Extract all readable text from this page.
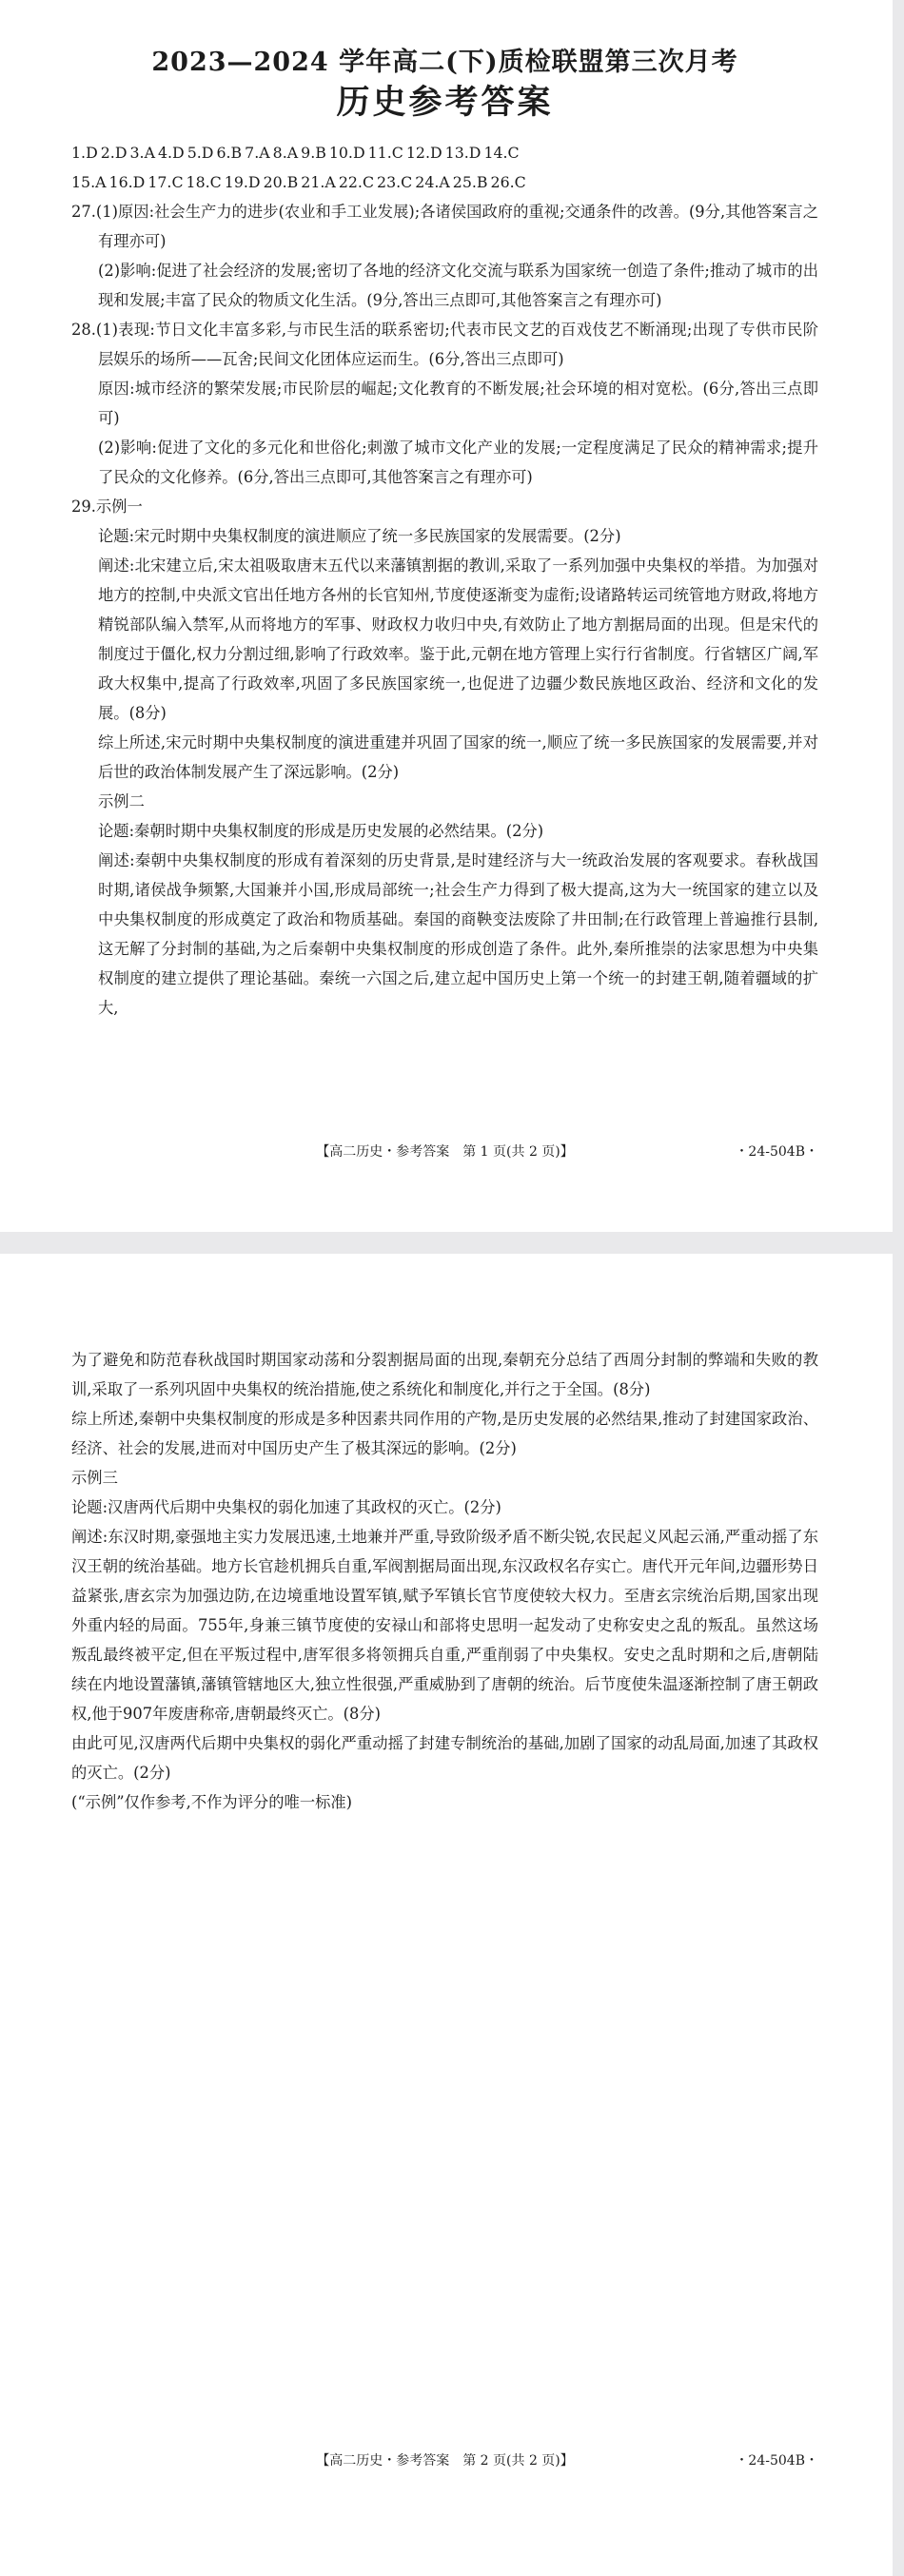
2023—2024 学年高二(下)质检联盟第三次月考
历史参考答案
1.D 2.D 3.A 4.D 5.D 6.B 7.A 8.A 9.B 10.D 11.C 12.D 13.D 14.C
15.A 16.D 17.C 18.C 19.D 20.B 21.A 22.C 23.C 24.A 25.B 26.C

27.(1)原因:社会生产力的进步(农业和手工业发展);各诸侯国政府的重视;交通条件的改善。(9分,其他答案言之有理亦可)

(2)影响:促进了社会经济的发展;密切了各地的经济文化交流与联系为国家统一创造了条件;推动了城市的出现和发展;丰富了民众的物质文化生活。(9分,答出三点即可,其他答案言之有理亦可)

28.(1)表现:节日文化丰富多彩,与市民生活的联系密切;代表市民文艺的百戏伎艺不断涌现;出现了专供市民阶层娱乐的场所——瓦舍;民间文化团体应运而生。(6分,答出三点即可)

原因:城市经济的繁荣发展;市民阶层的崛起;文化教育的不断发展;社会环境的相对宽松。(6分,答出三点即可)

(2)影响:促进了文化的多元化和世俗化;刺激了城市文化产业的发展;一定程度满足了民众的精神需求;提升了民众的文化修养。(6分,答出三点即可,其他答案言之有理亦可)

29.示例一

论题:宋元时期中央集权制度的演进顺应了统一多民族国家的发展需要。(2分)

阐述:北宋建立后,宋太祖吸取唐末五代以来藩镇割据的教训,采取了一系列加强中央集权的举措。为加强对地方的控制,中央派文官出任地方各州的长官知州,节度使逐渐变为虚衔;设诸路转运司统管地方财政,将地方精锐部队编入禁军,从而将地方的军事、财政权力收归中央,有效防止了地方割据局面的出现。但是宋代的制度过于僵化,权力分割过细,影响了行政效率。鉴于此,元朝在地方管理上实行行省制度。行省辖区广阔,军政大权集中,提高了行政效率,巩固了多民族国家统一,也促进了边疆少数民族地区政治、经济和文化的发展。(8分)

综上所述,宋元时期中央集权制度的演进重建并巩固了国家的统一,顺应了统一多民族国家的发展需要,并对后世的政治体制发展产生了深远影响。(2分)

示例二

论题:秦朝时期中央集权制度的形成是历史发展的必然结果。(2分)

阐述:秦朝中央集权制度的形成有着深刻的历史背景,是时建经济与大一统政治发展的客观要求。春秋战国时期,诸侯战争频繁,大国兼并小国,形成局部统一;社会生产力得到了极大提高,这为大一统国家的建立以及中央集权制度的形成奠定了政治和物质基础。秦国的商鞅变法废除了井田制;在行政管理上普遍推行县制,这无解了分封制的基础,为之后秦朝中央集权制度的形成创造了条件。此外,秦所推崇的法家思想为中央集权制度的建立提供了理论基础。秦统一六国之后,建立起中国历史上第一个统一的封建王朝,随着疆域的扩大,

【高二历史・参考答案　第 1 页(共 2 页)】	・24-504B・

为了避免和防范春秋战国时期国家动荡和分裂割据局面的出现,秦朝充分总结了西周分封制的弊端和失败的教训,采取了一系列巩固中央集权的统治措施,使之系统化和制度化,并行之于全国。(8分)

综上所述,秦朝中央集权制度的形成是多种因素共同作用的产物,是历史发展的必然结果,推动了封建国家政治、经济、社会的发展,进而对中国历史产生了极其深远的影响。(2分)

示例三

论题:汉唐两代后期中央集权的弱化加速了其政权的灭亡。(2分)

阐述:东汉时期,豪强地主实力发展迅速,土地兼并严重,导致阶级矛盾不断尖锐,农民起义风起云涌,严重动摇了东汉王朝的统治基础。地方长官趁机拥兵自重,军阀割据局面出现,东汉政权名存实亡。唐代开元年间,边疆形势日益紧张,唐玄宗为加强边防,在边境重地设置军镇,赋予军镇长官节度使较大权力。至唐玄宗统治后期,国家出现外重内轻的局面。755年,身兼三镇节度使的安禄山和部将史思明一起发动了史称安史之乱的叛乱。虽然这场叛乱最终被平定,但在平叛过程中,唐军很多将领拥兵自重,严重削弱了中央集权。安史之乱时期和之后,唐朝陆续在内地设置藩镇,藩镇管辖地区大,独立性很强,严重威胁到了唐朝的统治。后节度使朱温逐渐控制了唐王朝政权,他于907年废唐称帝,唐朝最终灭亡。(8分)

由此可见,汉唐两代后期中央集权的弱化严重动摇了封建专制统治的基础,加剧了国家的动乱局面,加速了其政权的灭亡。(2分)

(“示例”仅作参考,不作为评分的唯一标准)

【高二历史・参考答案　第 2 页(共 2 页)】	・24-504B・
